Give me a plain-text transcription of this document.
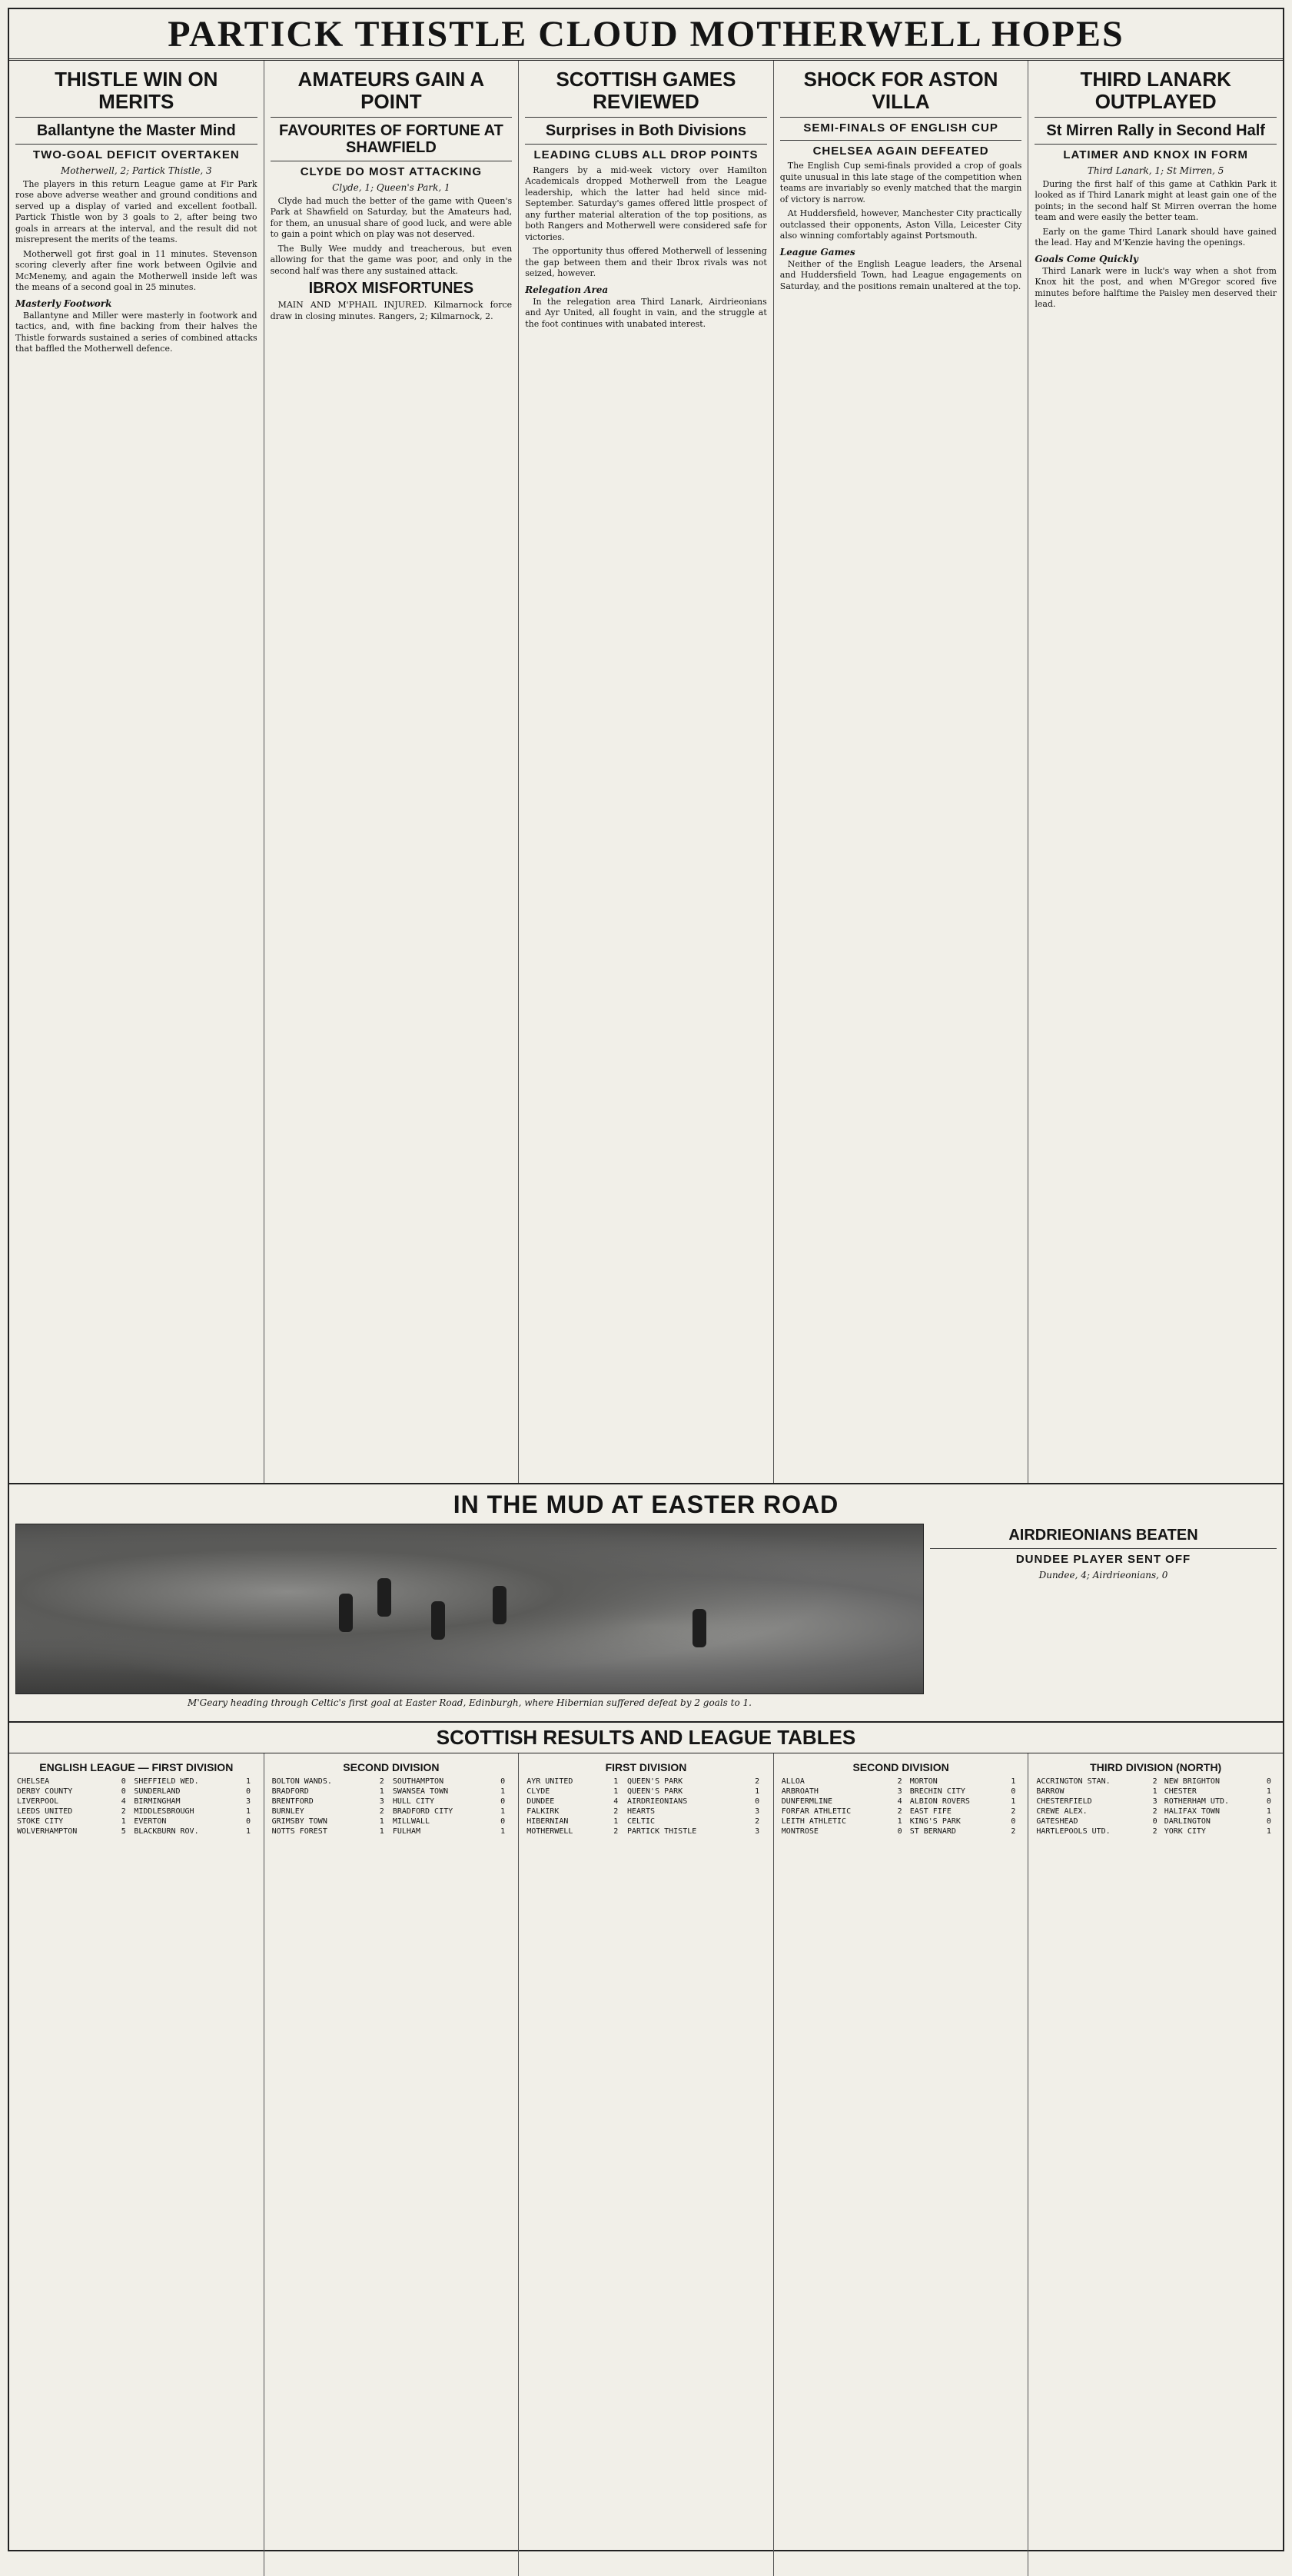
PARTICK THISTLE CLOUD MOTHERWELL HOPES
THISTLE WIN ON MERITS
Ballantyne the Master Mind
TWO-GOAL DEFICIT OVERTAKEN
Motherwell, 2; Partick Thistle, 3

The players in this return League game at Fir Park rose above adverse weather and ground conditions and served up a display of varied and excellent football. Partick Thistle won by 3 goals to 2, after being two goals in arrears at the interval, and the result did not misrepresent the merits of the teams.

Motherwell got first goal in 11 minutes. Stevenson scoring cleverly after fine work between Ogilvie and McMenemy, and again the Motherwell inside left was the means of a second goal in 25 minutes.

Masterly Footwork

Ballantyne and Miller were masterly in footwork and tactics, and, with fine backing from their halves the Thistle forwards sustained a series of combined attacks that baffled the Motherwell defence.

AMATEURS GAIN A POINT
FAVOURITES OF FORTUNE AT SHAWFIELD
CLYDE DO MOST ATTACKING
Clyde, 1; Queen's Park, 1

Clyde had much the better of the game with Queen's Park at Shawfield on Saturday, but the Amateurs had, for them, an unusual share of good luck, and were able to gain a point which on play was not deserved.

The Bully Wee muddy and treacherous, but even allowing for that the game was poor, and only in the second half was there any sustained attack.

IBROX MISFORTUNES

MAIN AND M'PHAIL INJURED. Kilmarnock force draw in closing minutes. Rangers, 2; Kilmarnock, 2.

SCOTTISH GAMES REVIEWED
Surprises in Both Divisions
LEADING CLUBS ALL DROP POINTS

Rangers by a mid-week victory over Hamilton Academicals dropped Motherwell from the League leadership, which the latter had held since mid-September. Saturday's games offered little prospect of any further material alteration of the top positions, as both Rangers and Motherwell were considered safe for victories.

The opportunity thus offered Motherwell of lessening the gap between them and their Ibrox rivals was not seized, however.

Relegation Area

In the relegation area Third Lanark, Airdrieonians and Ayr United, all fought in vain, and the struggle at the foot continues with unabated interest.

SHOCK FOR ASTON VILLA
SEMI-FINALS OF ENGLISH CUP
CHELSEA AGAIN DEFEATED

The English Cup semi-finals provided a crop of goals quite unusual in this late stage of the competition when teams are invariably so evenly matched that the margin of victory is narrow.

At Huddersfield, however, Manchester City practically outclassed their opponents, Aston Villa, Leicester City also winning comfortably against Portsmouth.

League Games

Neither of the English League leaders, the Arsenal and Huddersfield Town, had League engagements on Saturday, and the positions remain unaltered at the top.

THIRD LANARK OUTPLAYED
St Mirren Rally in Second Half
LATIMER AND KNOX IN FORM
Third Lanark, 1; St Mirren, 5

During the first half of this game at Cathkin Park it looked as if Third Lanark might at least gain one of the points; in the second half St Mirren overran the home team and were easily the better team.

Early on the game Third Lanark should have gained the lead. Hay and M'Kenzie having the openings.

Goals Come Quickly

Third Lanark were in luck's way when a shot from Knox hit the post, and when M'Gregor scored five minutes before halftime the Paisley men deserved their lead.

IN THE MUD AT EASTER ROAD
M'Geary heading through Celtic's first goal at Easter Road, Edinburgh, where Hibernian suffered defeat by 2 goals to 1.
AIRDRIEONIANS BEATEN
DUNDEE PLAYER SENT OFF
Dundee, 4; Airdrieonians, 0
SCOTTISH RESULTS AND LEAGUE TABLES
ENGLISH LEAGUE — FIRST DIVISION
CHELSEA	0	SHEFFIELD WED.	1
DERBY COUNTY	0	SUNDERLAND	0
LIVERPOOL	4	BIRMINGHAM	3
LEEDS UNITED	2	MIDDLESBROUGH	1
STOKE CITY	1	EVERTON	0
WOLVERHAMPTON	5	BLACKBURN ROV.	1
SECOND DIVISION
BOLTON WANDS.	2	SOUTHAMPTON	0
BRADFORD	1	SWANSEA TOWN	1
BRENTFORD	3	HULL CITY	0
BURNLEY	2	BRADFORD CITY	1
GRIMSBY TOWN	1	MILLWALL	0
NOTTS FOREST	1	FULHAM	1
FIRST DIVISION
AYR UNITED	1	QUEEN'S PARK	2
CLYDE	1	QUEEN'S PARK	1
DUNDEE	4	AIRDRIEONIANS	0
FALKIRK	2	HEARTS	3
HIBERNIAN	1	CELTIC	2
MOTHERWELL	2	PARTICK THISTLE	3
SECOND DIVISION
ALLOA	2	MORTON	1
ARBROATH	3	BRECHIN CITY	0
DUNFERMLINE	4	ALBION ROVERS	1
FORFAR ATHLETIC	2	EAST FIFE	2
LEITH ATHLETIC	1	KING'S PARK	0
MONTROSE	0	ST BERNARD	2
THIRD DIVISION (NORTH)
ACCRINGTON STAN.	2	NEW BRIGHTON	0
BARROW	1	CHESTER	1
CHESTERFIELD	3	ROTHERHAM UTD.	0
CREWE ALEX.	2	HALIFAX TOWN	1
GATESHEAD	0	DARLINGTON	0
HARTLEPOOLS UTD.	2	YORK CITY	1
